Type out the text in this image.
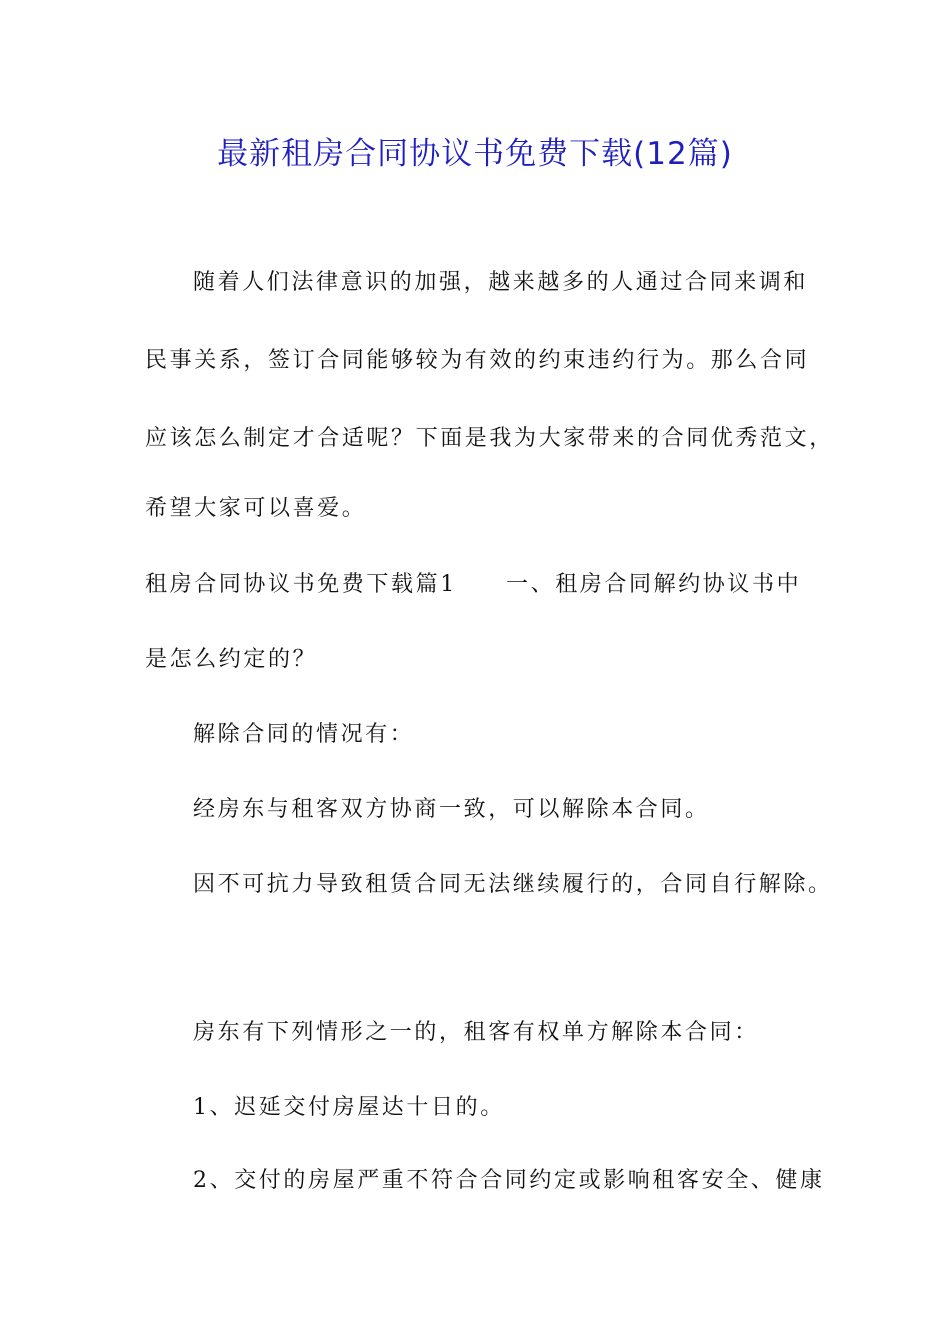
最新租房合同协议书免费下载(12篇)
随着人们法律意识的加强，越来越多的人通过合同来调和
民事关系，签订合同能够较为有效的约束违约行为。那么合同
应该怎么制定才合适呢？下面是我为大家带来的合同优秀范文，
希望大家可以喜爱。
租房合同协议书免费下载篇1　　一、租房合同解约协议书中
是怎么约定的？
解除合同的情况有：
经房东与租客双方协商一致，可以解除本合同。
因不可抗力导致租赁合同无法继续履行的，合同自行解除。
房东有下列情形之一的，租客有权单方解除本合同：
1、迟延交付房屋达十日的。
2、交付的房屋严重不符合合同约定或影响租客安全、健康
